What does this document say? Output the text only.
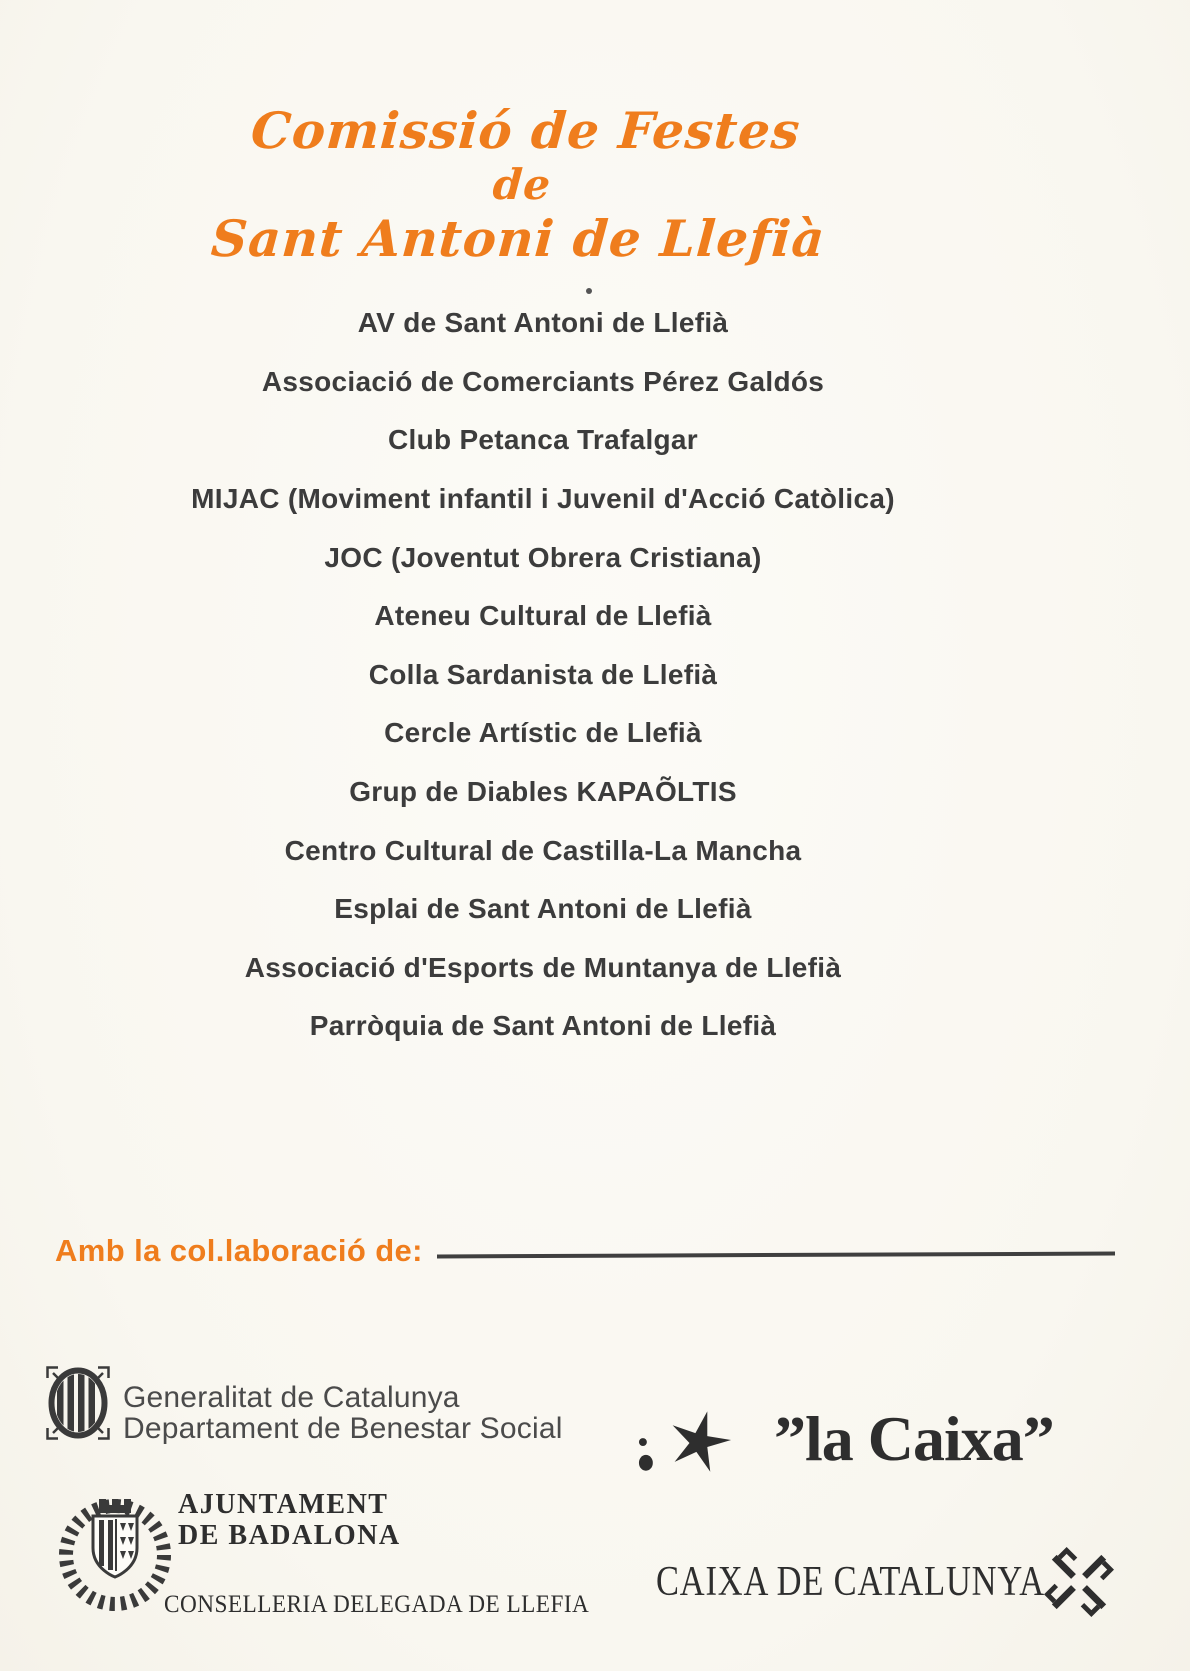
Comissió de Festes
de
Sant Antoni de Llefià
AV de Sant Antoni de Llefià
Associació de Comerciants Pérez Galdós
Club Petanca Trafalgar
MIJAC (Moviment infantil i Juvenil d'Acció Catòlica)
JOC (Joventut Obrera Cristiana)
Ateneu Cultural de Llefià
Colla Sardanista de Llefià
Cercle Artístic de Llefià
Grup de Diables KAPAÕLTIS
Centro Cultural de Castilla-La Mancha
Esplai de Sant Antoni de Llefià
Associació d'Esports de Muntanya de Llefià
Parròquia de Sant Antoni de Llefià
Amb la col.laboració de:
Generalitat de Catalunya
Departament de Benestar Social	”la Caixa”
AJUNTAMENT
DE BADALONA
CONSELLERIA DELEGADA DE LLEFIA CAIXA DE CATALUNYA
